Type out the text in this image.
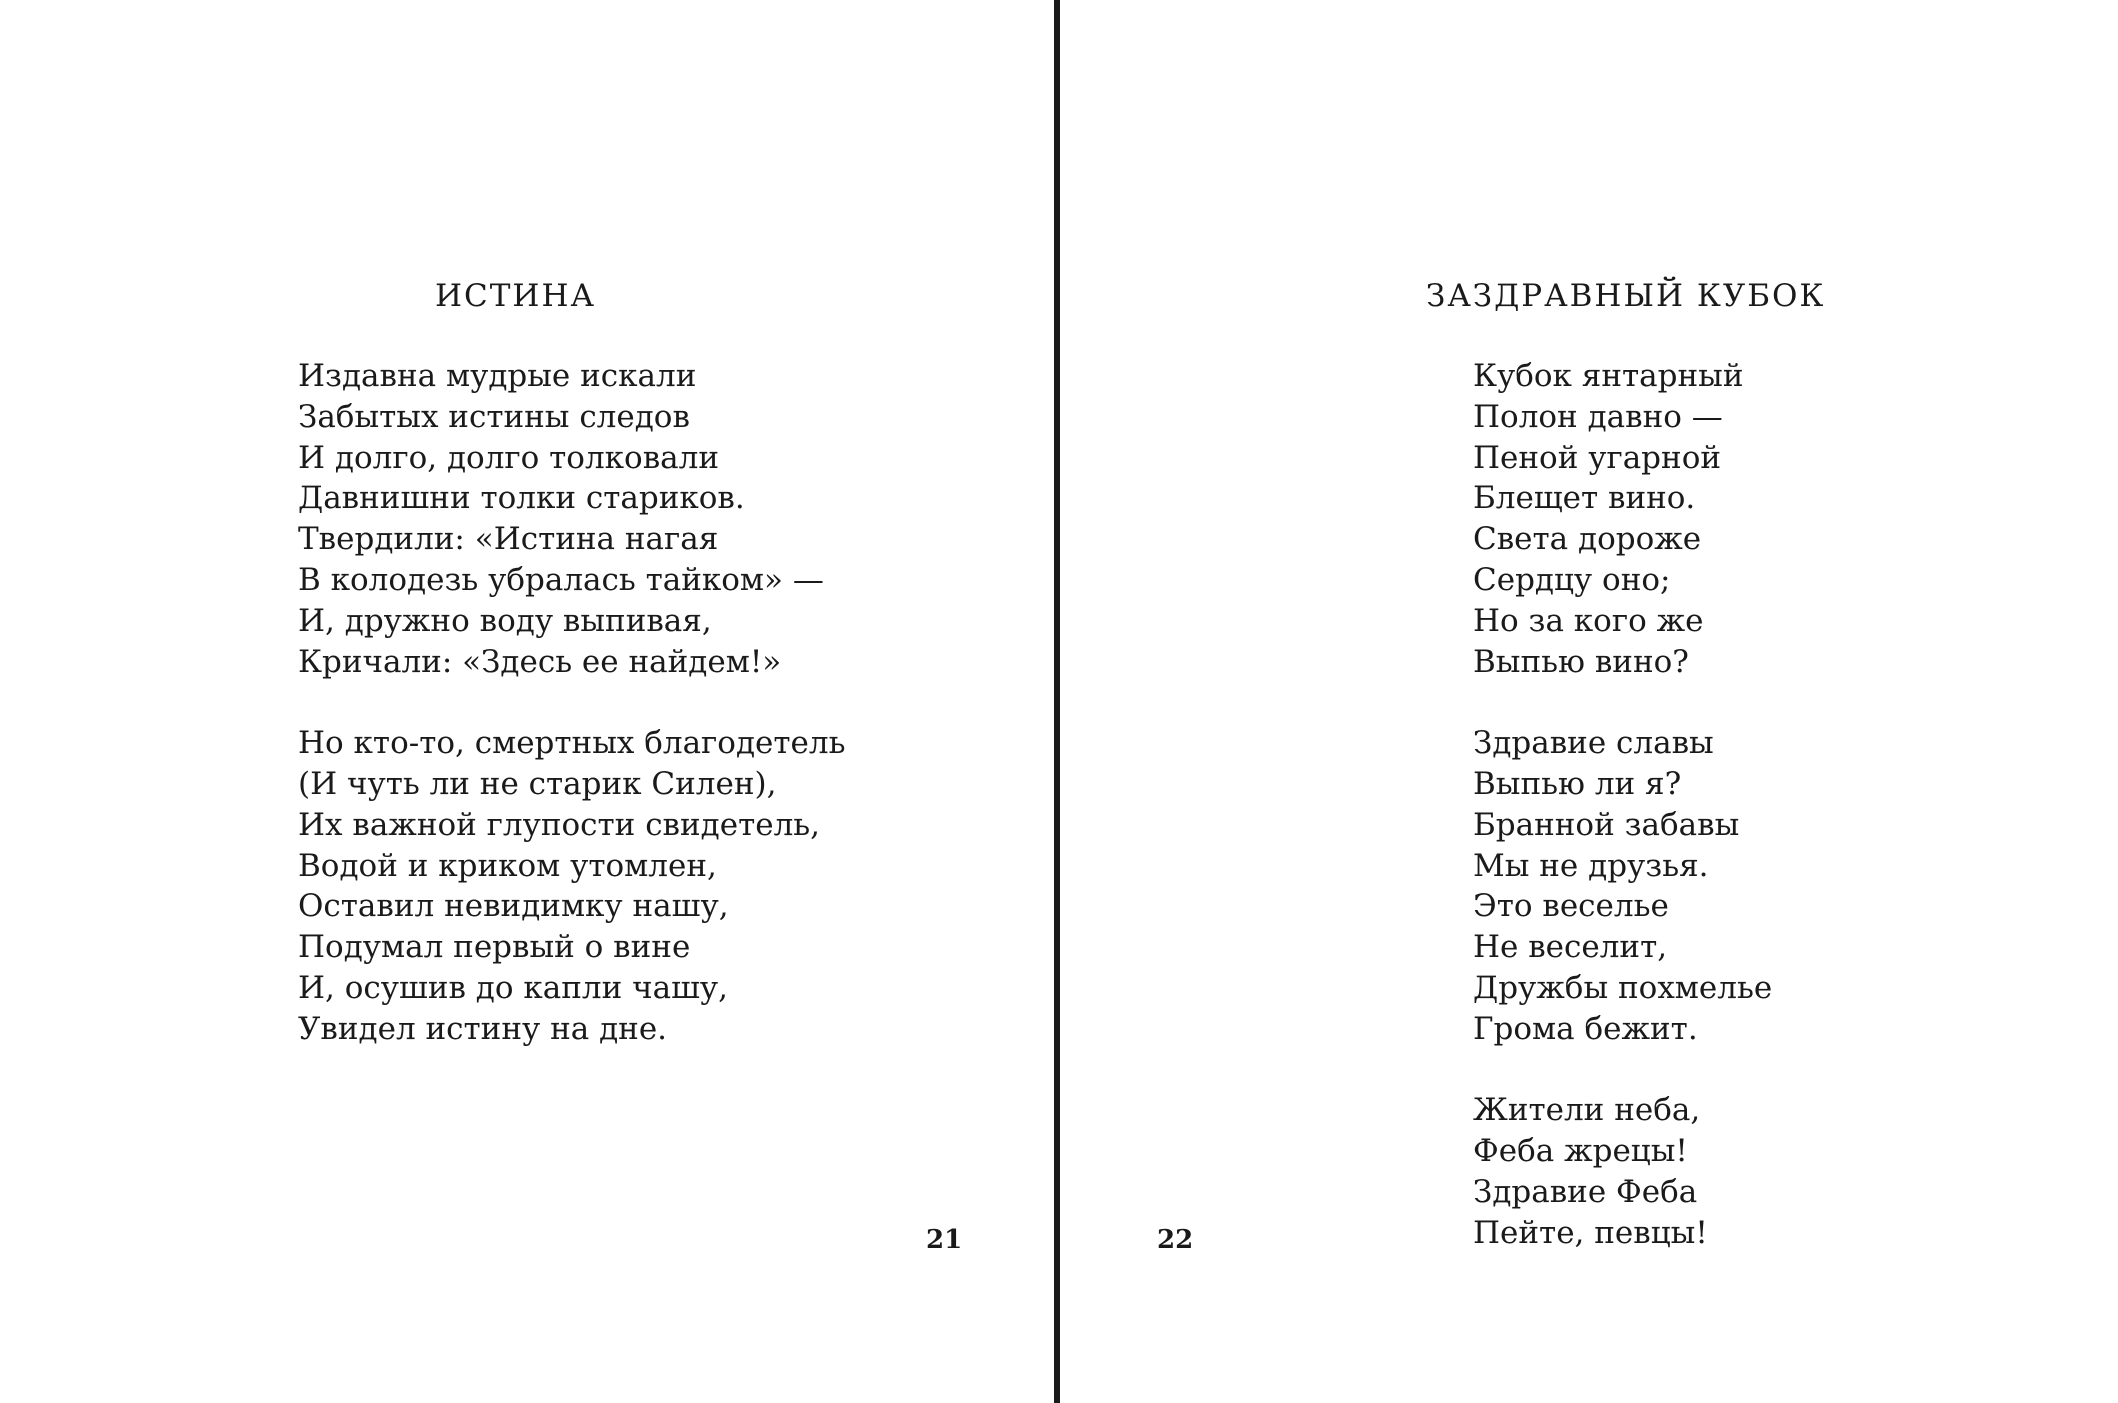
ИСТИНА
Издавна мудрые искали
Забытых истины следов
И долго, долго толковали
Давнишни толки стариков.
Твердили: «Истина нагая
В колодезь убралась тайком» —
И, дружно воду выпивая,
Кричали: «Здесь ее найдем!»
Но кто-то, смертных благодетель
(И чуть ли не старик Силен),
Их важной глупости свидетель,
Водой и криком утомлен,
Оставил невидимку нашу,
Подумал первый о вине
И, осушив до капли чашу,
Увидел истину на дне.
21
ЗАЗДРАВНЫЙ КУБОК
Кубок янтарный
Полон давно —
Пеной угарной
Блещет вино.
Света дороже
Сердцу оно;
Но за кого же
Выпью вино?
Здравие славы
Выпью ли я?
Бранной забавы
Мы не друзья.
Это веселье
Не веселит,
Дружбы похмелье
Грома бежит.
Жители неба,
Феба жрецы!
Здравие Феба
Пейте, певцы!
22
